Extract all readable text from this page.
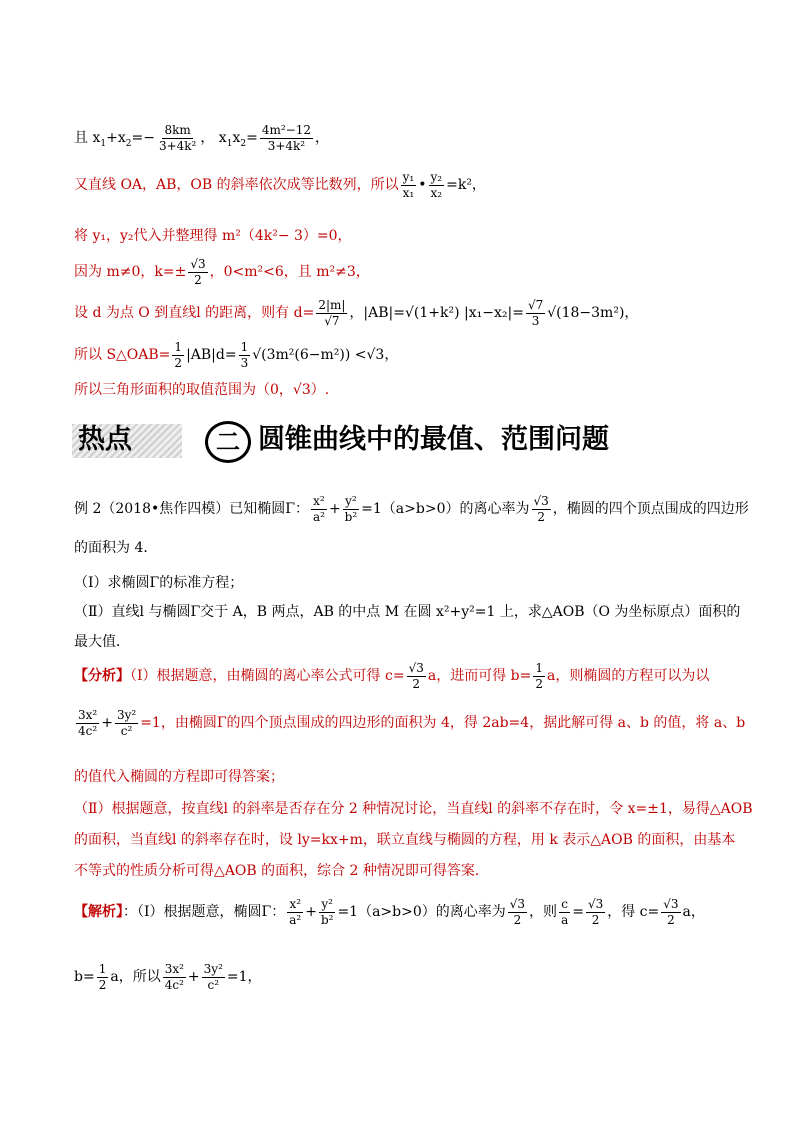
且 $x_1+x_2=- \frac{8km}{\text{3+4k²}}$ ， $x_1x_2= \frac{\text{4m²−12}}{\text{3+4k²}}$ ，
又直线 OA，AB，OB 的斜率依次成等比数列，所以 $\frac{\text{y₁}}{\text{x₁}}$ • $\frac{\text{y₂}}{\text{x₂}} =k^2$，
将 y₁，y₂代入并整理得 m²（4k²− 3）=0，
因为 m≠0，$k=\pm \frac{√3}{2}$ ，0<m²<6，且 m²≠3，
设 d 为点 O 到直线l 的距离，则有 $d= \frac{2|m|}{√7}$ ，|AB|=√(1+k²) $|x_1-x_2|= \frac{√7}{3} √(18-3m^2)$，
所以 S△OAB= $\frac{1}{2} |AB|d= \frac{1}{3} √(3m^2(6-m^2)) <√3$，
所以三角形面积的取值范围为（0，√3）.
热点	二 圆锥曲线中的最值、范围问题
例 2（2018•焦作四模）已知椭圆Γ： $\frac{\text{x²}}{\text{a²}} + \frac{\text{y²}}{\text{b²}} =1(a>b>0)$的离心率为 $\frac{√3}{2}$ ，椭圆的四个顶点围成的四边形
的面积为 4．
（Ⅰ）求椭圆Γ的标准方程；
（Ⅱ）直线l 与椭圆Γ交于 A，B 两点，AB 的中点 M 在圆 x²+y²=1 上，求△AOB（O 为坐标原点）面积的
最大值．
【分析】（Ⅰ）根据题意，由椭圆的离心率公式可得 $c= \frac{√3}{2}$ a，进而可得 $b= \frac{1}{2}$ a，则椭圆的方程可以为以
$\frac{\text{3x²}}{\text{4c²}} + \frac{\text{3y²}}{\text{c²}} =1$，由椭圆Γ的四个顶点围成的四边形的面积为 4，得 2ab=4，据此解可得 a、b 的值，将 a、b
的值代入椭圆的方程即可得答案；
（Ⅱ）根据题意，按直线l 的斜率是否存在分 2 种情况讨论，当直线l 的斜率不存在时，令 x=±1，易得△AOB
的面积，当直线l 的斜率存在时，设 ly=kx+m，联立直线与椭圆的方程，用 k 表示△AOB 的面积，由基本
不等式的性质分析可得△AOB 的面积，综合 2 种情况即可得答案．
【解析】：（Ⅰ）根据题意，椭圆Γ： $\frac{\text{x²}}{\text{a²}} + \frac{\text{y²}}{\text{b²}} =1(a>b>0)$的离心率为 $\frac{√3}{2}$ ，则 $\frac{c}{a} = \frac{√3}{2}$ ，得 $c= \frac{√3}{2}$ a，
$b= \frac{1}{2}$ a，所以 $\frac{\text{3x²}}{\text{4c²}} + \frac{\text{3y²}}{\text{c²}} =1$，
